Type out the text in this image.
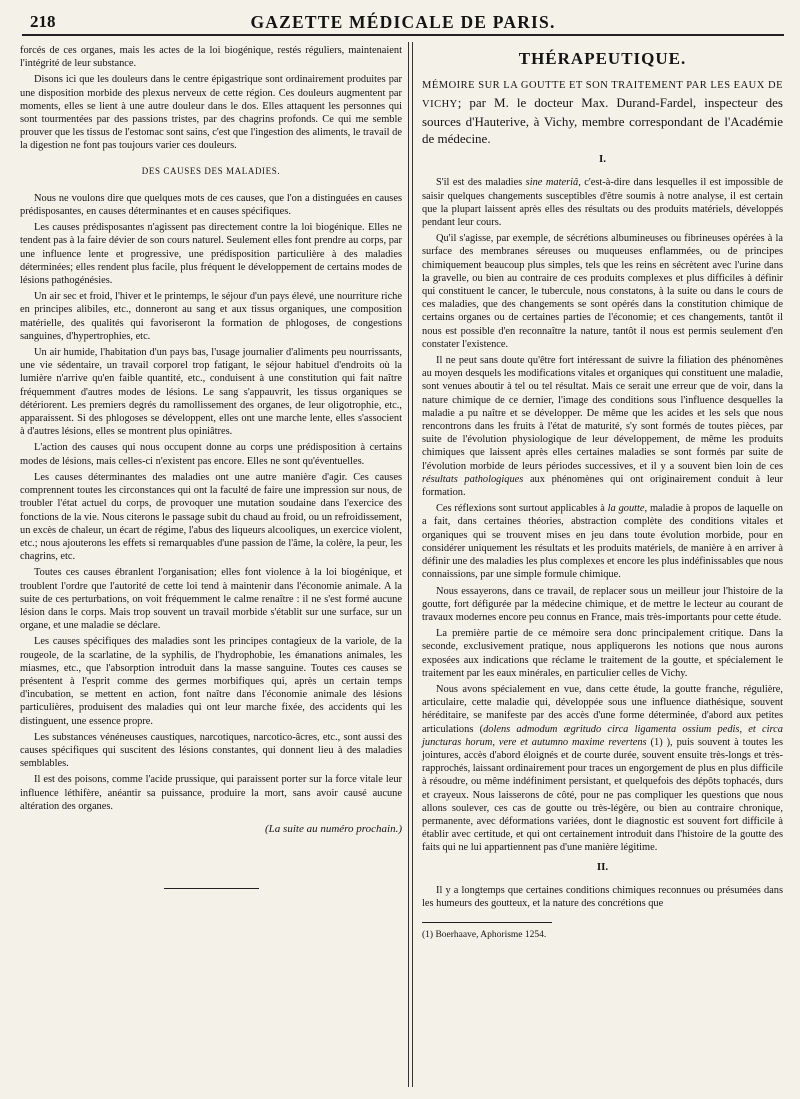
218	GAZETTE MÉDICALE DE PARIS.

forcés de ces organes, mais les actes de la loi biogénique, restés réguliers, maintenaient l'intégrité de leur substance.

Disons ici que les douleurs dans le centre épigastrique sont ordinairement produites par une disposition morbide des plexus nerveux de cette région. Ces douleurs augmentent par moments, elles se lient à une autre douleur dans le dos. Elles attaquent les personnes qui sont tourmentées par des passions tristes, par des chagrins profonds. Ce qui me semble prouver que les tissus de l'estomac sont sains, c'est que l'ingestion des aliments, le travail de la digestion ne font pas toujours varier ces douleurs.

DES CAUSES DES MALADIES.

Nous ne voulons dire que quelques mots de ces causes, que l'on a distinguées en causes prédisposantes, en causes déterminantes et en causes spécifiques.

Les causes prédisposantes n'agissent pas directement contre la loi biogénique. Elles ne tendent pas à la faire dévier de son cours naturel. Seulement elles font prendre au corps, par une influence lente et progressive, une prédisposition particulière à des maladies déterminées; elles rendent plus facile, plus fréquent le développement de certains modes de lésions pathogénésies.

Un air sec et froid, l'hiver et le printemps, le séjour d'un pays élevé, une nourriture riche en principes alibiles, etc., donneront au sang et aux tissus organiques, une composition matérielle, des qualités qui favoriseront la formation de phlogoses, de congestions sanguines, d'hypertrophies, etc.

Un air humide, l'habitation d'un pays bas, l'usage journalier d'aliments peu nourrissants, une vie sédentaire, un travail corporel trop fatigant, le séjour habituel d'endroits où la lumière n'arrive qu'en faible quantité, etc., conduisent à une constitution qui fait naître fréquemment d'autres modes de lésions. Le sang s'appauvrit, les tissus organiques se détériorent. Les premiers degrés du ramollissement des organes, de leur oligotrophie, etc., apparaissent. Si des phlogoses se développent, elles ont une marche lente, elles s'associent à d'autres lésions, elles se montrent plus opiniâtres.

L'action des causes qui nous occupent donne au corps une prédisposition à certains modes de lésions, mais celles-ci n'existent pas encore. Elles ne sont qu'éventuelles.

Les causes déterminantes des maladies ont une autre manière d'agir. Ces causes comprennent toutes les circonstances qui ont la faculté de faire une impression sur nous, de troubler l'état actuel du corps, de provoquer une mutation soudaine dans l'exercice des fonctions de la vie. Nous citerons le passage subit du chaud au froid, ou un refroidissement, un excès de chaleur, un écart de régime, l'abus des liqueurs alcooliques, un exercice violent, etc.; nous ajouterons les effets si remarquables d'une passion de l'âme, la colère, la peur, les chagrins, etc.

Toutes ces causes ébranlent l'organisation; elles font violence à la loi biogénique, et troublent l'ordre que l'autorité de cette loi tend à maintenir dans l'économie animale. A la suite de ces perturbations, on voit fréquemment le calme renaître : il ne s'est formé aucune lésion dans le corps. Mais trop souvent un travail morbide s'établit sur une surface, sur un organe, et une maladie se déclare.

Les causes spécifiques des maladies sont les principes contagieux de la variole, de la rougeole, de la scarlatine, de la syphilis, de l'hydrophobie, les émanations animales, les miasmes, etc., que l'absorption introduit dans la masse sanguine. Toutes ces causes se présentent à l'esprit comme des germes morbifiques qui, après un certain temps d'incubation, se mettent en action, font naître dans l'économie animale des lésions particulières, produisent des maladies qui ont leur marche fixée, des accidents qui les distinguent, une essence propre.

Les substances vénéneuses caustiques, narcotiques, narcotico-âcres, etc., sont aussi des causes spécifiques qui suscitent des lésions constantes, qui donnent lieu à des maladies semblables.

Il est des poisons, comme l'acide prussique, qui paraissent porter sur la force vitale leur influence léthifère, anéantir sa puissance, produire la mort, sans avoir causé aucune altération des organes.

(La suite au numéro prochain.)
THÉRAPEUTIQUE.
MÉMOIRE SUR LA GOUTTE ET SON TRAITEMENT PAR LES EAUX DE VICHY; par M. le docteur Max. Durand-Fardel, inspecteur des sources d'Hauterive, à Vichy, membre correspondant de l'Académie de médecine.
I.

S'il est des maladies sine materiâ, c'est-à-dire dans lesquelles il est impossible de saisir quelques changements susceptibles d'être soumis à notre analyse, il est certain que la plupart laissent après elles des résultats ou des produits matériels, développés pendant leur cours.

Qu'il s'agisse, par exemple, de sécrétions albumineuses ou fibrineuses opérées à la surface des membranes séreuses ou muqueuses enflammées, ou de principes chimiquement beaucoup plus simples, tels que les reins en sécrètent avec l'urine dans la gravelle, ou bien au contraire de ces produits complexes et plus difficiles à définir qui constituent le cancer, le tubercule, nous constatons, à la suite ou dans le cours de ces maladies, que des changements se sont opérés dans la constitution chimique de certains organes ou de certaines parties de l'économie; et ces changements, tantôt il nous est possible d'en reconnaître la nature, tantôt il nous est permis seulement d'en constater l'existence.

Il ne peut sans doute qu'être fort intéressant de suivre la filiation des phénomènes au moyen desquels les modifications vitales et organiques qui constituent une maladie, sont venues aboutir à tel ou tel résultat. Mais ce serait une erreur que de voir, dans la nature chimique de ce dernier, l'image des conditions sous l'influence desquelles la maladie a pu naître et se développer. De même que les acides et les sels que nous rencontrons dans les fruits à l'état de maturité, s'y sont formés de toutes pièces, par suite de l'évolution physiologique de leur développement, de même les produits chimiques que laissent après elles certaines maladies se sont formés par suite de l'évolution morbide de leurs périodes successives, et il y a souvent bien loin de ces résultats pathologiques aux phénomènes qui ont originairement conduit à leur formation.

Ces réflexions sont surtout applicables à la goutte, maladie à propos de laquelle on a fait, dans certaines théories, abstraction complète des conditions vitales et organiques qui se trouvent mises en jeu dans toute évolution morbide, pour en considérer uniquement les résultats et les produits matériels, de manière à en arriver à définir une des maladies les plus complexes et encore les plus indéfinissables que nous connaissions, par une simple formule chimique.

Nous essayerons, dans ce travail, de replacer sous un meilleur jour l'histoire de la goutte, fort défigurée par la médecine chimique, et de mettre le lecteur au courant de travaux modernes encore peu connus en France, mais très-importants pour cette étude.

La première partie de ce mémoire sera donc principalement critique. Dans la seconde, exclusivement pratique, nous appliquerons les notions que nous aurons exposées aux indications que réclame le traitement de la goutte, et spécialement le traitement par les eaux minérales, en particulier celles de Vichy.

Nous avons spécialement en vue, dans cette étude, la goutte franche, régulière, articulaire, cette maladie qui, développée sous une influence diathésique, souvent héréditaire, se manifeste par des accès d'une forme déterminée, d'abord aux petites articulations (dolens admodum ægritudo circa ligamenta ossium pedis, et circa juncturas horum, vere et autumno maxime revertens (1) ), puis souvent à toutes les jointures, accès d'abord éloignés et de courte durée, souvent ensuite très-longs et très-rapprochés, laissant ordinairement pour traces un engorgement de plus en plus difficile à résoudre, ou même indéfiniment persistant, et quelquefois des dépôts tophacés, durs et crayeux. Nous laisserons de côté, pour ne pas compliquer les questions que nous allons soulever, ces cas de goutte ou très-légère, ou bien au contraire chronique, permanente, avec déformations variées, dont le diagnostic est souvent fort difficile à établir avec certitude, et qui ont certainement introduit dans l'histoire de la goutte des faits qui ne lui appartiennent pas d'une manière légitime.

II.

Il y a longtemps que certaines conditions chimiques reconnues ou présumées dans les humeurs des goutteux, et la nature des concrétions que

(1) Boerhaave, Aphorisme 1254.
